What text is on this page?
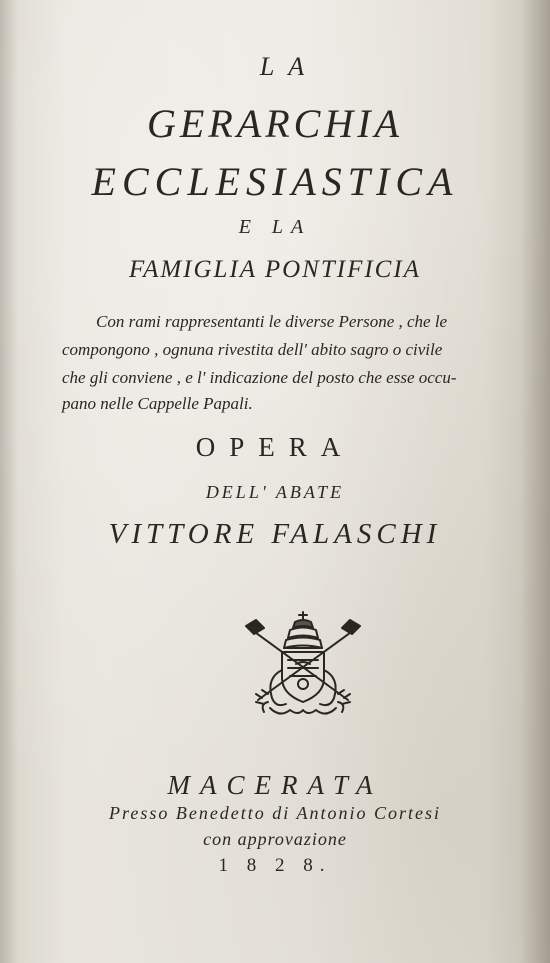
LA
GERARCHIA
ECCLESIASTICA
E LA
FAMIGLIA PONTIFICIA
Con rami rappresentanti le diverse Persone , che le
compongono , ognuna rivestita dell' abito sagro o civile
che gli conviene , e l' indicazione del posto che esse occu-
pano nelle Cappelle Papali.
OPERA
DELL' ABATE
VITTORE FALASCHI
MACERATA
Presso Benedetto di Antonio Cortesi
con approvazione
1 8 2 8.
